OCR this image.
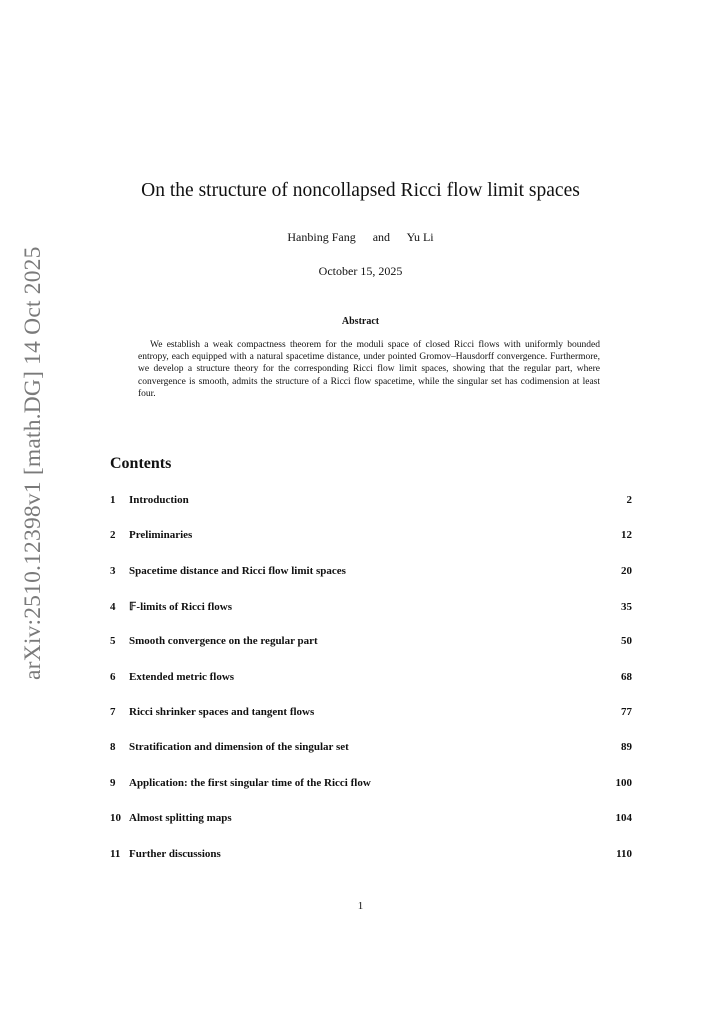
arXiv:2510.12398v1 [math.DG] 14 Oct 2025
On the structure of noncollapsed Ricci flow limit spaces
Hanbing Fang and Yu Li
October 15, 2025
Abstract
We establish a weak compactness theorem for the moduli space of closed Ricci flows with uniformly bounded entropy, each equipped with a natural spacetime distance, under pointed Gromov–Hausdorff convergence. Furthermore, we develop a structure theory for the corresponding Ricci flow limit spaces, showing that the regular part, where convergence is smooth, admits the structure of a Ricci flow spacetime, while the singular set has codimension at least four.
Contents
1	Introduction	2
2	Preliminaries	12
3	Spacetime distance and Ricci flow limit spaces	20
4	𝔽-limits of Ricci flows	35
5	Smooth convergence on the regular part	50
6	Extended metric flows	68
7	Ricci shrinker spaces and tangent flows	77
8	Stratification and dimension of the singular set	89
9	Application: the first singular time of the Ricci flow	100
10 Almost splitting maps	104
11 Further discussions	110
1
